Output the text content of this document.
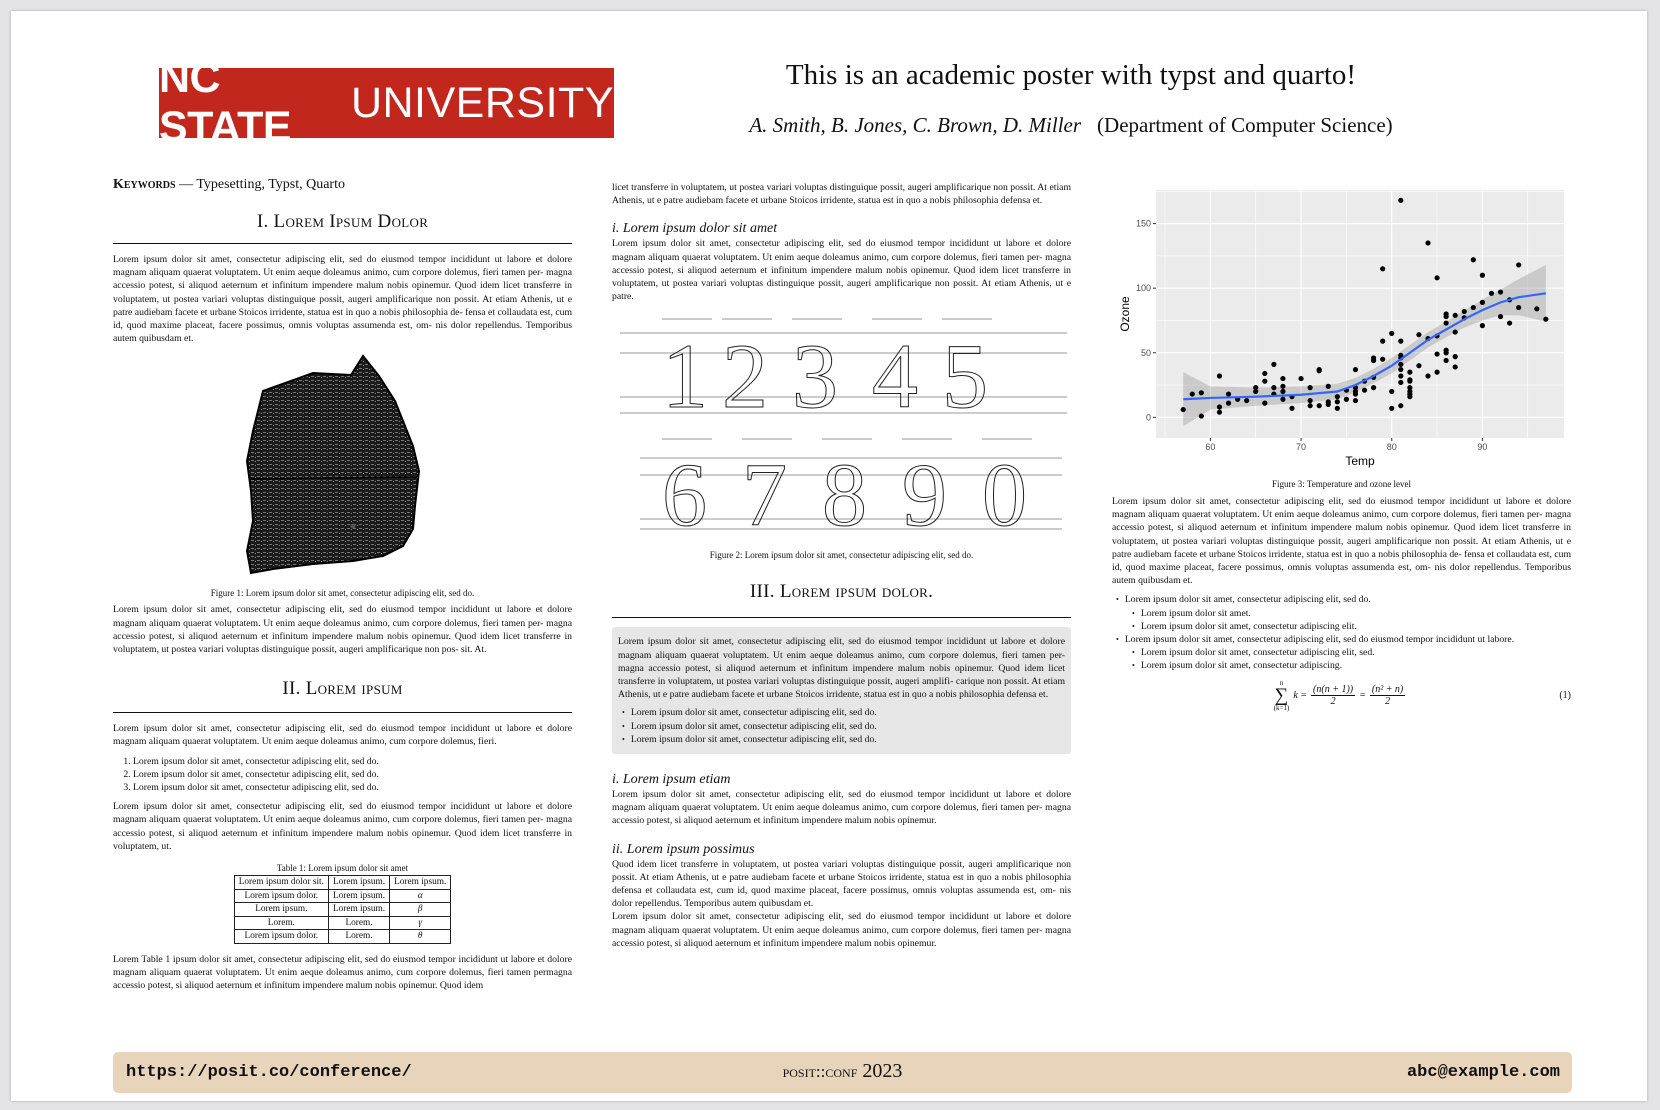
NC STATE
UNIVERSITY
This is an academic poster with typst and quarto!
A. Smith, B. Jones, C. Brown, D. Miller (Department of Computer Science)
Keywords — Typesetting, Typst, Quarto
I. Lorem Ipsum Dolor

Lorem ipsum dolor sit amet, consectetur adipiscing elit, sed do eiusmod tempor incididunt ut labore et dolore magnam aliquam quaerat voluptatem. Ut enim aeque doleamus animo, cum corpore dolemus, fieri tamen per- magna accessio potest, si aliquod aeternum et infinitum impendere malum nobis opinemur. Quod idem licet transferre in voluptatem, ut postea variari voluptas distinguique possit, augeri amplificarique non possit. At etiam Athenis, ut e patre audiebam facete et urbane Stoicos irridente, statua est in quo a nobis philosophia de- fensa et collaudata est, cum id, quod maxime placeat, facere possimus, omnis voluptas assumenda est, om- nis dolor repellendus. Temporibus autem quibusdam et.

Figure 1: Lorem ipsum dolor sit amet, consectetur adipiscing elit, sed do.

Lorem ipsum dolor sit amet, consectetur adipiscing elit, sed do eiusmod tempor incididunt ut labore et dolore magnam aliquam quaerat voluptatem. Ut enim aeque doleamus animo, cum corpore dolemus, fieri tamen per- magna accessio potest, si aliquod aeternum et infinitum impendere malum nobis opinemur. Quod idem licet transferre in voluptatem, ut postea variari voluptas distinguique possit, augeri amplificarique non pos- sit. At.

II. Lorem ipsum

Lorem ipsum dolor sit amet, consectetur adipiscing elit, sed do eiusmod tempor incididunt ut labore et dolore magnam aliquam quaerat voluptatem. Ut enim aeque doleamus animo, cum corpore dolemus, fieri.

1. Lorem ipsum dolor sit amet, consectetur adipiscing elit, sed do.
2. Lorem ipsum dolor sit amet, consectetur adipiscing elit, sed do.
3. Lorem ipsum dolor sit amet, consectetur adipiscing elit, sed do.

Lorem ipsum dolor sit amet, consectetur adipiscing elit, sed do eiusmod tempor incididunt ut labore et dolore magnam aliquam quaerat voluptatem. Ut enim aeque doleamus animo, cum corpore dolemus, fieri tamen per- magna accessio potest, si aliquod aeternum et infinitum impendere malum nobis opinemur. Quod idem licet transferre in voluptatem, ut.

Table 1: Lorem ipsum dolor sit amet

Lorem ipsum dolor sit.	Lorem ipsum.	Lorem ipsum.
Lorem ipsum dolor.	Lorem ipsum.	α
Lorem ipsum.	Lorem ipsum.	β
Lorem.	Lorem.	γ
Lorem ipsum dolor.	Lorem.	θ

Lorem Table 1 ipsum dolor sit amet, consectetur adipiscing elit, sed do eiusmod tempor incididunt ut labore et dolore magnam aliquam quaerat voluptatem. Ut enim aeque doleamus animo, cum corpore dolemus, fieri tamen permagna accessio potest, si aliquod aeternum et infinitum impendere malum nobis opinemur. Quod idem

licet transferre in voluptatem, ut postea variari voluptas distinguique possit, augeri amplificarique non possit. At etiam Athenis, ut e patre audiebam facete et urbane Stoicos irridente, statua est in quo a nobis philosophia defensa et.

i. Lorem ipsum dolor sit amet

Lorem ipsum dolor sit amet, consectetur adipiscing elit, sed do eiusmod tempor incididunt ut labore et dolore magnam aliquam quaerat voluptatem. Ut enim aeque doleamus animo, cum corpore dolemus, fieri tamen per- magna accessio potest, si aliquod aeternum et infinitum impendere malum nobis opinemur. Quod idem licet transferre in voluptatem, ut postea variari voluptas distinguique possit, augeri amplificarique non possit. At etiam Athenis, ut e patre.

1 2 3 4 5
6 7 8 9 0

Figure 2: Lorem ipsum dolor sit amet, consectetur adipiscing elit, sed do.

III. Lorem ipsum dolor.

Lorem ipsum dolor sit amet, consectetur adipiscing elit, sed do eiusmod tempor incididunt ut labore et dolore magnam aliquam quaerat voluptatem. Ut enim aeque doleamus animo, cum corpore dolemus, fieri tamen per- magna accessio potest, si aliquod aeternum et infinitum impendere malum nobis opinemur. Quod idem licet transferre in voluptatem, ut postea variari voluptas distinguique possit, augeri amplifi- carique non possit. At etiam Athenis, ut e patre audiebam facete et urbane Stoicos irridente, statua est in quo a nobis philosophia defensa et.

• Lorem ipsum dolor sit amet, consectetur adipiscing elit, sed do.
• Lorem ipsum dolor sit amet, consectetur adipiscing elit, sed do.
• Lorem ipsum dolor sit amet, consectetur adipiscing elit, sed do.
i. Lorem ipsum etiam

Lorem ipsum dolor sit amet, consectetur adipiscing elit, sed do eiusmod tempor incididunt ut labore et dolore magnam aliquam quaerat voluptatem. Ut enim aeque doleamus animo, cum corpore dolemus, fieri tamen per- magna accessio potest, si aliquod aeternum et infinitum impendere malum nobis opinemur.

ii. Lorem ipsum possimus

Quod idem licet transferre in voluptatem, ut postea variari voluptas distinguique possit, augeri amplificarique non possit. At etiam Athenis, ut e patre audiebam facete et urbane Stoicos irridente, statua est in quo a nobis philosophia defensa et collaudata est, cum id, quod maxime placeat, facere possimus, omnis voluptas assumenda est, om- nis dolor repellendus. Temporibus autem quibusdam et.

Lorem ipsum dolor sit amet, consectetur adipiscing elit, sed do eiusmod tempor incididunt ut labore et dolore magnam aliquam quaerat voluptatem. Ut enim aeque doleamus animo, cum corpore dolemus, fieri tamen per- magna accessio potest, si aliquod aeternum et infinitum impendere malum nobis opinemur.

60	70	80	90
0
50
100
150
Temp
Ozone

Figure 3: Temperature and ozone level

Lorem ipsum dolor sit amet, consectetur adipiscing elit, sed do eiusmod tempor incididunt ut labore et dolore magnam aliquam quaerat voluptatem. Ut enim aeque doleamus animo, cum corpore dolemus, fieri tamen per- magna accessio potest, si aliquod aeternum et infinitum impendere malum nobis opinemur. Quod idem licet transferre in voluptatem, ut postea variari voluptas distinguique possit, augeri amplificarique non possit. At etiam Athenis, ut e patre audiebam facete et urbane Stoicos irridente, statua est in quo a nobis philosophia de- fensa et collaudata est, cum id, quod maxime placeat, facere possimus, omnis voluptas assumenda est, om- nis dolor repellendus. Temporibus autem quibusdam et.

• Lorem ipsum dolor sit amet, consectetur adipiscing elit, sed do.
• Lorem ipsum dolor sit amet.
• Lorem ipsum dolor sit amet, consectetur adipiscing elit.
• Lorem ipsum dolor sit amet, consectetur adipiscing elit, sed do eiusmod tempor incididunt ut labore.
• Lorem ipsum dolor sit amet, consectetur adipiscing elit, sed.
• Lorem ipsum dolor sit amet, consectetur adipiscing.
n
∑
(k=1)
$k = \frac{(n(n + 1))}{2} = \frac{\text{(n² + n)}}{2}$	(1)
https://posit.co/conference/	posit::conf 2023	abc@example.com
